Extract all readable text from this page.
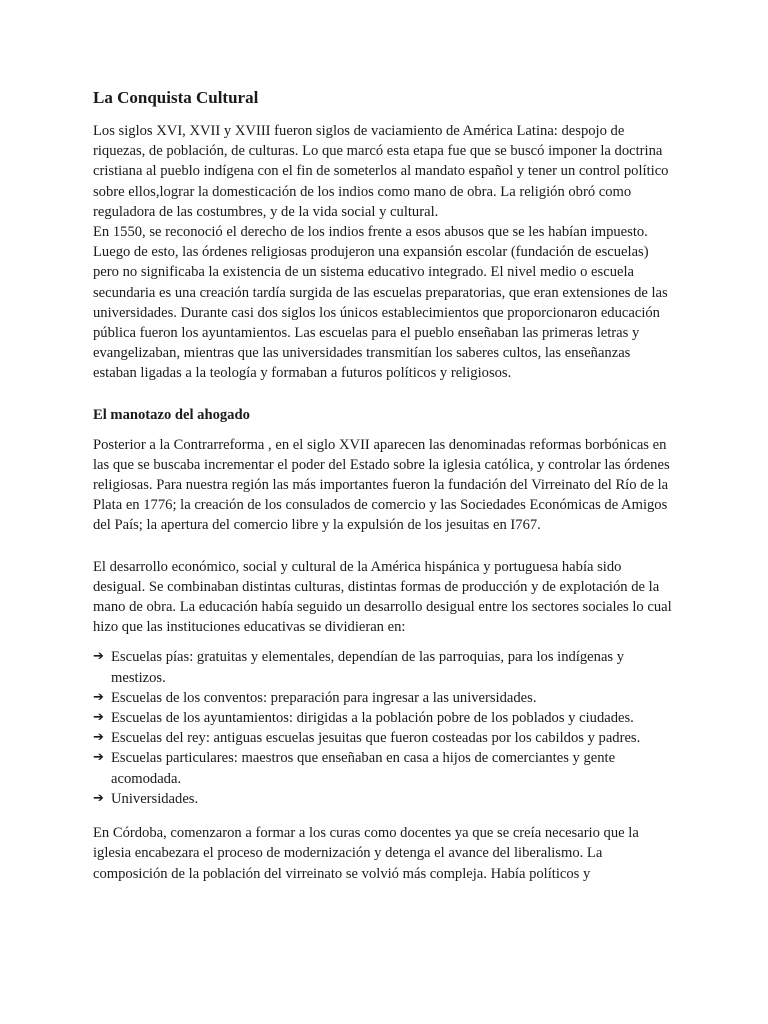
La Conquista Cultural

Los siglos XVI, XVII y XVIII fueron siglos de vaciamiento de América Latina: despojo de riquezas, de población, de culturas. Lo que marcó esta etapa fue que se buscó imponer la doctrina cristiana al pueblo indígena con el fin de someterlos al mandato español y tener un control político sobre ellos,lograr la domesticación de los indios como mano de obra. La religión obró como reguladora de las costumbres, y de la vida social y cultural.

En 1550, se reconoció el derecho de los indios frente a esos abusos que se les habían impuesto. Luego de esto, las órdenes religiosas produjeron una expansión escolar (fundación de escuelas) pero no significaba la existencia de un sistema educativo integrado. El nivel medio o escuela secundaria es una creación tardía surgida de las escuelas preparatorias, que eran extensiones de las universidades. Durante casi dos siglos los únicos establecimientos que proporcionaron educación pública fueron los ayuntamientos. Las escuelas para el pueblo enseñaban las primeras letras y evangelizaban, mientras que las universidades transmitían los saberes cultos, las enseñanzas estaban ligadas a la teología y formaban a futuros políticos y religiosos.

El manotazo del ahogado

Posterior a la Contrarreforma , en el siglo XVII aparecen las denominadas reformas borbónicas en las que se buscaba incrementar el poder del Estado sobre la iglesia católica, y controlar las órdenes religiosas. Para nuestra región las más importantes fueron la fundación del Virreinato del Río de la Plata en 1776; la creación de los consulados de comercio y las Sociedades Económicas de Amigos del País; la apertura del comercio libre y la expulsión de los jesuitas en I767.

El desarrollo económico, social y cultural de la América hispánica y portuguesa había sido desigual. Se combinaban distintas culturas, distintas formas de producción y de explotación de la mano de obra. La educación había seguido un desarrollo desigual entre los sectores sociales lo cual hizo que las instituciones educativas se dividieran en:

➔ Escuelas pías: gratuitas y elementales, dependían de las parroquias, para los indígenas y mestizos.
➔ Escuelas de los conventos: preparación para ingresar a las universidades.
➔ Escuelas de los ayuntamientos: dirigidas a la población pobre de los poblados y ciudades.
➔ Escuelas del rey: antiguas escuelas jesuitas que fueron costeadas por los cabildos y padres.
➔ Escuelas particulares: maestros que enseñaban en casa a hijos de comerciantes y gente acomodada.
➔ Universidades.

En Córdoba, comenzaron a formar a los curas como docentes ya que se creía necesario que la iglesia encabezara el proceso de modernización y detenga el avance del liberalismo. La composición de la población del virreinato se volvió más compleja. Había políticos y
